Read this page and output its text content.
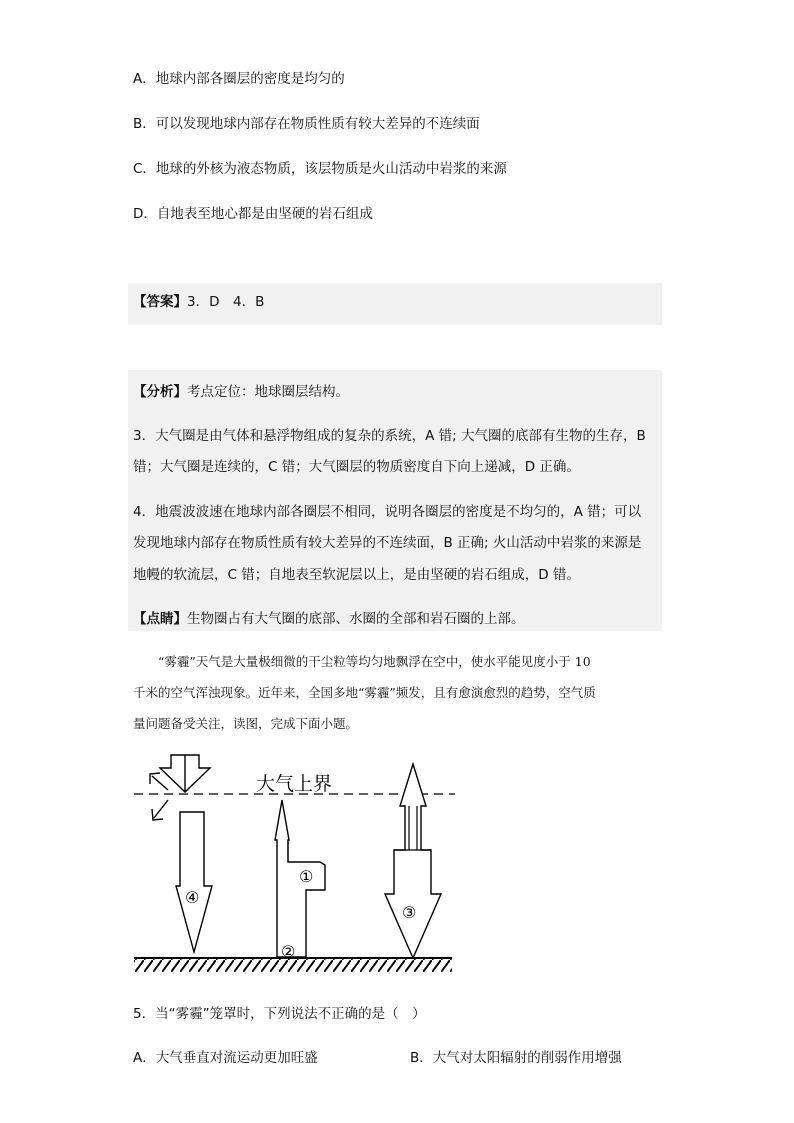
A．地球内部各圈层的密度是均匀的
B．可以发现地球内部存在物质性质有较大差异的不连续面
C．地球的外核为液态物质，该层物质是火山活动中岩浆的来源
D．自地表至地心都是由坚硬的岩石组成
【答案】3．D　4．B
【分析】考点定位：地球圈层结构。
3．大气圈是由气体和悬浮物组成的复杂的系统，A 错; 大气圈的底部有生物的生存，B
错；大气圈是连续的，C 错；大气圈层的物质密度自下向上递减，D 正确。
4．地震波波速在地球内部各圈层不相同，说明各圈层的密度是不均匀的，A 错；可以
发现地球内部存在物质性质有较大差异的不连续面，B 正确; 火山活动中岩浆的来源是
地幔的软流层，C 错；自地表至软泥层以上，是由坚硬的岩石组成，D 错。
【点睛】生物圈占有大气圈的底部、水圈的全部和岩石圈的上部。
“雾霾”天气是大量极细微的干尘粒等均匀地飘浮在空中，使水平能见度小于 10
千米的空气浑浊现象。近年来，全国多地“雾霾”频发，且有愈演愈烈的趋势，空气质
量问题备受关注，读图，完成下面小题。
大气上界
①
②
③
④
5．当“雾霾”笼罩时，下列说法不正确的是（　）
A．大气垂直对流运动更加旺盛	B．大气对太阳辐射的削弱作用增强
